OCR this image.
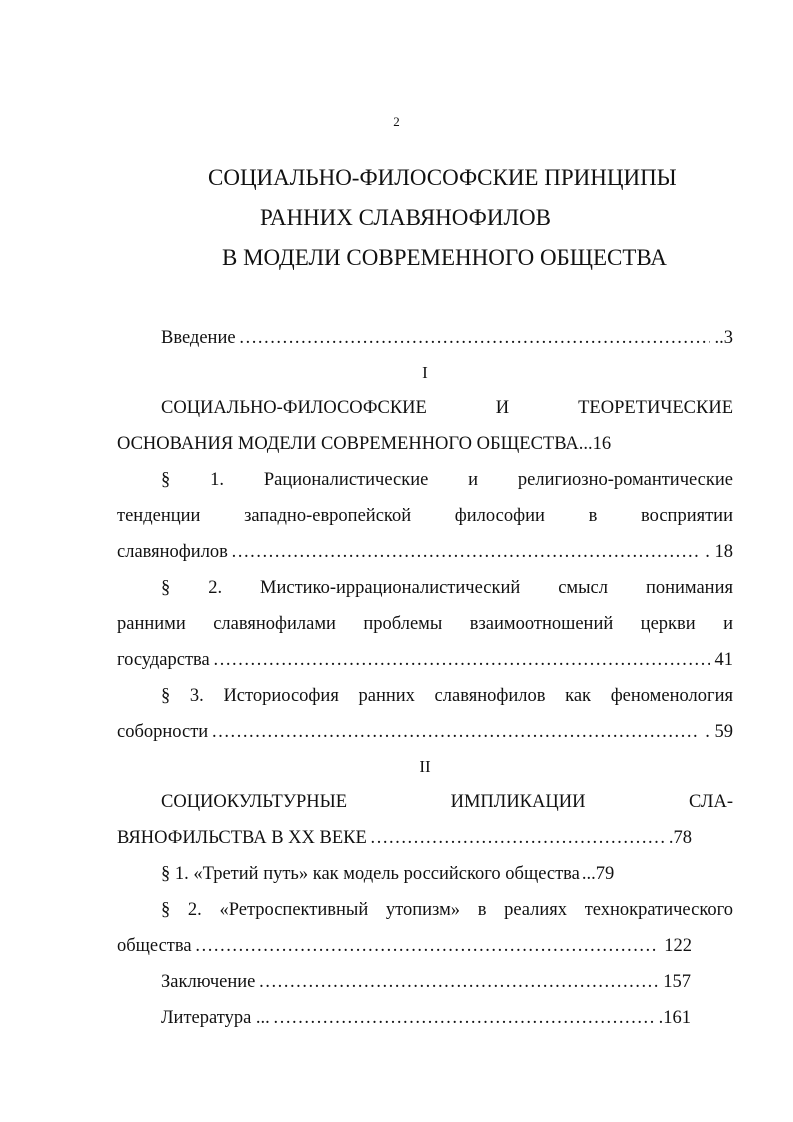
2
СОЦИАЛЬНО-ФИЛОСОФСКИЕ ПРИНЦИПЫ
РАННИХ СЛАВЯНОФИЛОВ
В МОДЕЛИ СОВРЕМЕННОГО ОБЩЕСТВА
Введение ……………………………………………………………………………………………………………………………………………	..3
I
СОЦИАЛЬНО-ФИЛОСОФСКИЕ И ТЕОРЕТИЧЕСКИЕ
ОСНОВАНИЯ МОДЕЛИ СОВРЕМЕННОГО ОБЩЕСТВА...16
§ 1. Рационалистические и религиозно-романтические
тенденции западно-европейской философии в восприятии
славянофилов ……………………………………………………………………………………………………………………………………………	. 18
§ 2. Мистико-иррационалистический смысл понимания
ранними славянофилами проблемы взаимоотношений церкви и
государства ……………………………………………………………………………………………………………………………………………	41
§ 3. Историософия ранних славянофилов как феноменология
соборности ……………………………………………………………………………………………………………………………………………	. 59
II
СОЦИОКУЛЬТУРНЫЕ ИМПЛИКАЦИИ СЛА-
ВЯНОФИЛЬСТВА В XX ВЕКЕ ……………………………………………………………………………………………………………………………………………	.78
§ 1. «Третий путь» как модель российского общества ...79
§ 2. «Ретроспективный утопизм» в реалиях технократического
общества ……………………………………………………………………………………………………………………………………………	122
Заключение ……………………………………………………………………………………………………………………………………………	157
Литература ... ……………………………………………………………………………………………………………………………………………	.161
